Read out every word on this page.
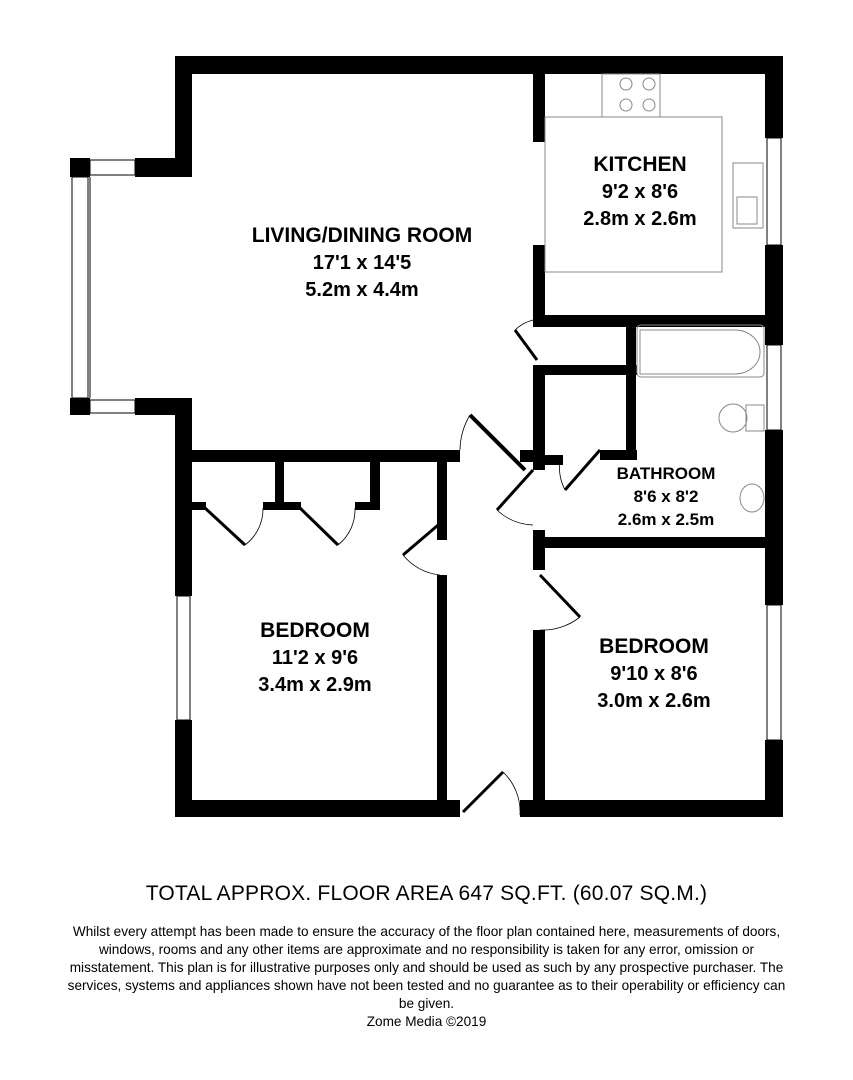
LIVING/DINING ROOM
17'1 x 14'5
5.2m x 4.4m
KITCHEN
9'2 x 8'6
2.8m x 2.6m
BATHROOM
8'6 x 8'2
2.6m x 2.5m
BEDROOM
11'2 x 9'6
3.4m x 2.9m
BEDROOM
9'10 x 8'6
3.0m x 2.6m
TOTAL APPROX. FLOOR AREA 647 SQ.FT. (60.07 SQ.M.)
Whilst every attempt has been made to ensure the accuracy of the floor plan contained here, measurements of doors, windows, rooms and any other items are approximate and no responsibility is taken for any error, omission or misstatement. This plan is for illustrative purposes only and should be used as such by any prospective purchaser. The services, systems and appliances shown have not been tested and no guarantee as to their operability or efficiency can be given.
Zome Media ©2019
